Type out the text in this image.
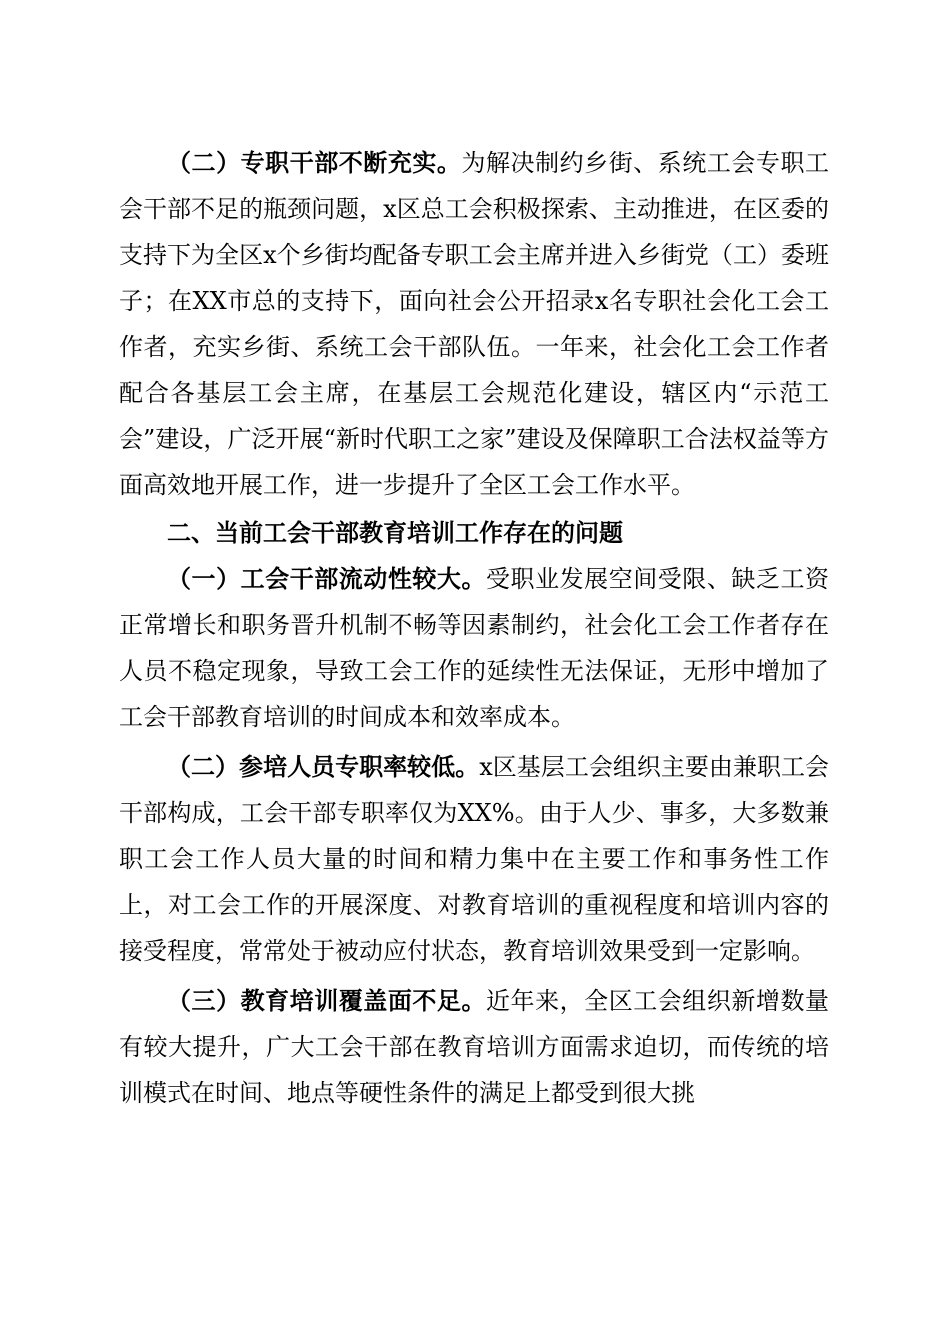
（二）专职干部不断充实。为解决制约乡街、系统工会专职工会干部不足的瓶颈问题，x区总工会积极探索、主动推进，在区委的支持下为全区x个乡街均配备专职工会主席并进入乡街党（工）委班子；在XX市总的支持下，面向社会公开招录x名专职社会化工会工作者，充实乡街、系统工会干部队伍。一年来，社会化工会工作者配合各基层工会主席，在基层工会规范化建设，辖区内“示范工会”建设，广泛开展“新时代职工之家”建设及保障职工合法权益等方面高效地开展工作，进一步提升了全区工会工作水平。

二、当前工会干部教育培训工作存在的问题

（一）工会干部流动性较大。受职业发展空间受限、缺乏工资正常增长和职务晋升机制不畅等因素制约，社会化工会工作者存在人员不稳定现象，导致工会工作的延续性无法保证，无形中增加了工会干部教育培训的时间成本和效率成本。

（二）参培人员专职率较低。x区基层工会组织主要由兼职工会干部构成，工会干部专职率仅为XX%。由于人少、事多，大多数兼职工会工作人员大量的时间和精力集中在主要工作和事务性工作上，对工会工作的开展深度、对教育培训的重视程度和培训内容的接受程度，常常处于被动应付状态，教育培训效果受到一定影响。

（三）教育培训覆盖面不足。近年来，全区工会组织新增数量有较大提升，广大工会干部在教育培训方面需求迫切，而传统的培训模式在时间、地点等硬性条件的满足上都受到很大挑
